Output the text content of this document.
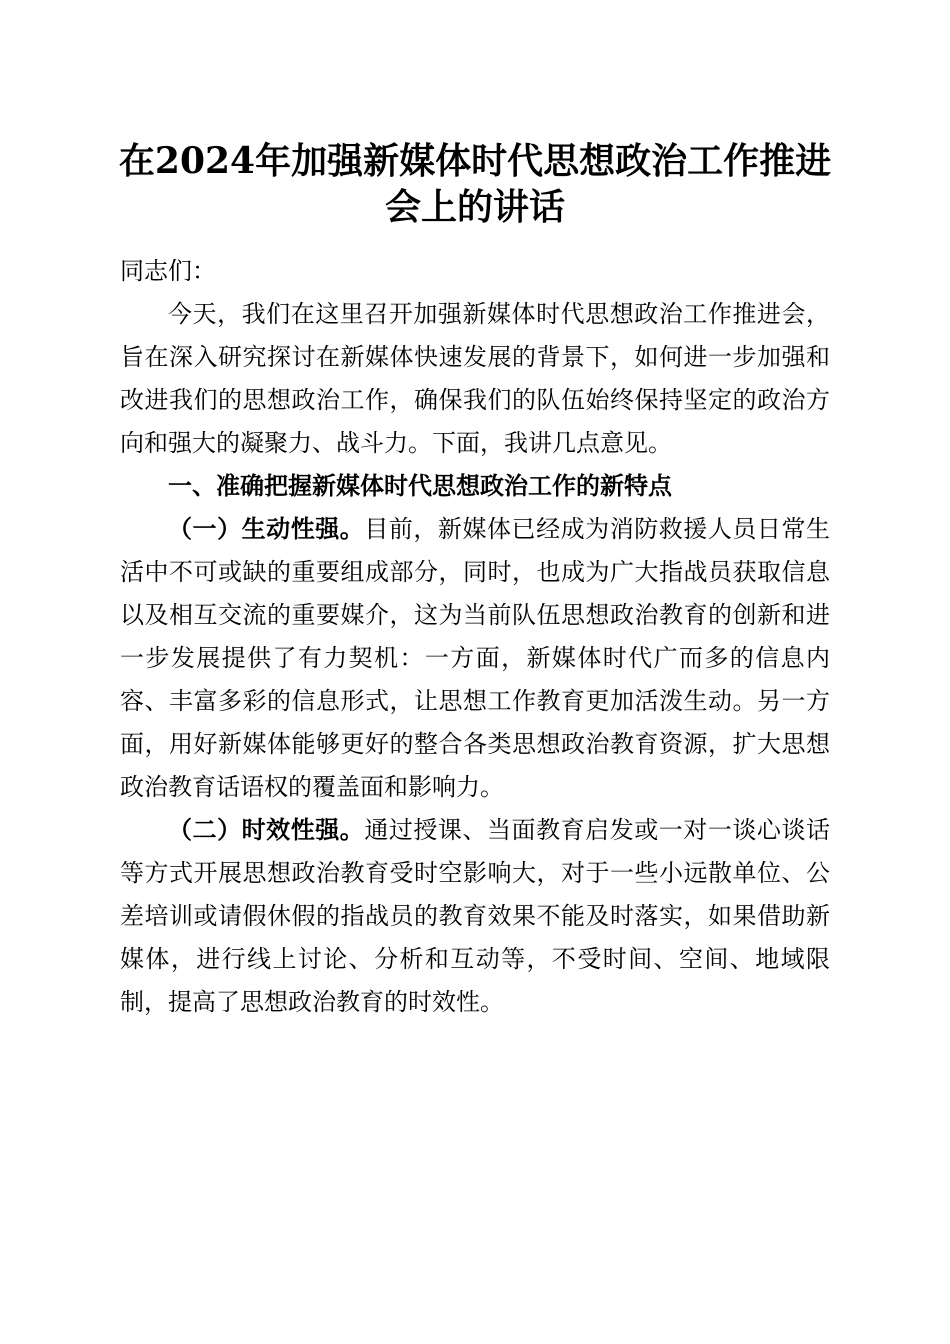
在2024年加强新媒体时代思想政治工作推进会上的讲话

同志们：

今天，我们在这里召开加强新媒体时代思想政治工作推进会，旨在深入研究探讨在新媒体快速发展的背景下，如何进一步加强和改进我们的思想政治工作，确保我们的队伍始终保持坚定的政治方向和强大的凝聚力、战斗力。下面，我讲几点意见。

一、准确把握新媒体时代思想政治工作的新特点

（一）生动性强。目前，新媒体已经成为消防救援人员日常生活中不可或缺的重要组成部分，同时，也成为广大指战员获取信息以及相互交流的重要媒介，这为当前队伍思想政治教育的创新和进一步发展提供了有力契机：一方面，新媒体时代广而多的信息内容、丰富多彩的信息形式，让思想工作教育更加活泼生动。另一方面，用好新媒体能够更好的整合各类思想政治教育资源，扩大思想政治教育话语权的覆盖面和影响力。

（二）时效性强。通过授课、当面教育启发或一对一谈心谈话等方式开展思想政治教育受时空影响大，对于一些小远散单位、公差培训或请假休假的指战员的教育效果不能及时落实，如果借助新媒体，进行线上讨论、分析和互动等，不受时间、空间、地域限制，提高了思想政治教育的时效性。
